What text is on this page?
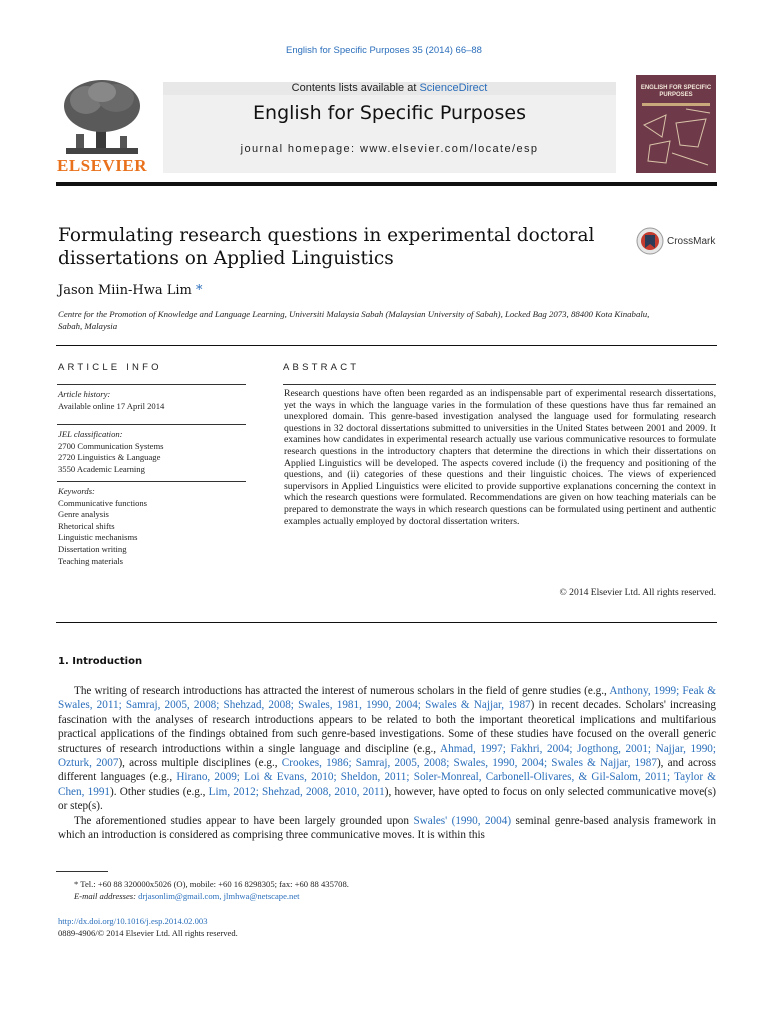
English for Specific Purposes 35 (2014) 66–88
ELSEVIER
Contents lists available at ScienceDirect
English for Specific Purposes
journal homepage: www.elsevier.com/locate/esp
ENGLISH FOR SPECIFIC PURPOSES
Formulating research questions in experimental doctoral dissertations on Applied Linguistics
CrossMark
Jason Miin-Hwa Lim *
Centre for the Promotion of Knowledge and Language Learning, Universiti Malaysia Sabah (Malaysian University of Sabah), Locked Bag 2073, 88400 Kota Kinabalu, Sabah, Malaysia
ARTICLE INFO	ABSTRACT
Article history:
Available online 17 April 2014
JEL classification:
2700 Communication Systems
2720 Linguistics & Language
3550 Academic Learning
Keywords:
Communicative functions
Genre analysis
Rhetorical shifts
Linguistic mechanisms
Dissertation writing
Teaching materials
Research questions have often been regarded as an indispensable part of experimental research dissertations, yet the ways in which the language varies in the formulation of these questions have thus far remained an unexplored domain. This genre-based investigation analysed the language used for formulating research questions in 32 doctoral dissertations submitted to universities in the United States between 2001 and 2009. It examines how candidates in experimental research actually use various communicative resources to formulate research questions in the introductory chapters that determine the directions in which their dissertations on Applied Linguistics will be developed. The aspects covered include (i) the frequency and positioning of the questions, and (ii) categories of these questions and their linguistic choices. The views of experienced supervisors in Applied Linguistics were elicited to provide supportive explanations concerning the context in which the research questions were formulated. Recommendations are given on how teaching materials can be prepared to demonstrate the ways in which research questions can be formulated using pertinent and authentic examples actually employed by doctoral dissertation writers.
© 2014 Elsevier Ltd. All rights reserved.
1. Introduction

The writing of research introductions has attracted the interest of numerous scholars in the field of genre studies (e.g., Anthony, 1999; Feak & Swales, 2011; Samraj, 2005, 2008; Shehzad, 2008; Swales, 1981, 1990, 2004; Swales & Najjar, 1987) in recent decades. Scholars' increasing fascination with the analyses of research introductions appears to be related to both the important theoretical implications and multifarious practical applications of the findings obtained from such genre-based investigations. Some of these studies have focused on the overall generic structures of research introductions within a single language and discipline (e.g., Ahmad, 1997; Fakhri, 2004; Jogthong, 2001; Najjar, 1990; Ozturk, 2007), across multiple disciplines (e.g., Crookes, 1986; Samraj, 2005, 2008; Swales, 1990, 2004; Swales & Najjar, 1987), and across different languages (e.g., Hirano, 2009; Loi & Evans, 2010; Sheldon, 2011; Soler-Monreal, Carbonell-Olivares, & Gil-Salom, 2011; Taylor & Chen, 1991). Other studies (e.g., Lim, 2012; Shehzad, 2008, 2010, 2011), however, have opted to focus on only selected communicative move(s) or step(s).

The aforementioned studies appear to have been largely grounded upon Swales' (1990, 2004) seminal genre-based analysis framework in which an introduction is considered as comprising three communicative moves. It is within this

* Tel.: +60 88 320000x5026 (O), mobile: +60 16 8298305; fax: +60 88 435708.
E-mail addresses: drjasonlim@gmail.com, jlmhwa@netscape.net
http://dx.doi.org/10.1016/j.esp.2014.02.003
0889-4906/© 2014 Elsevier Ltd. All rights reserved.
